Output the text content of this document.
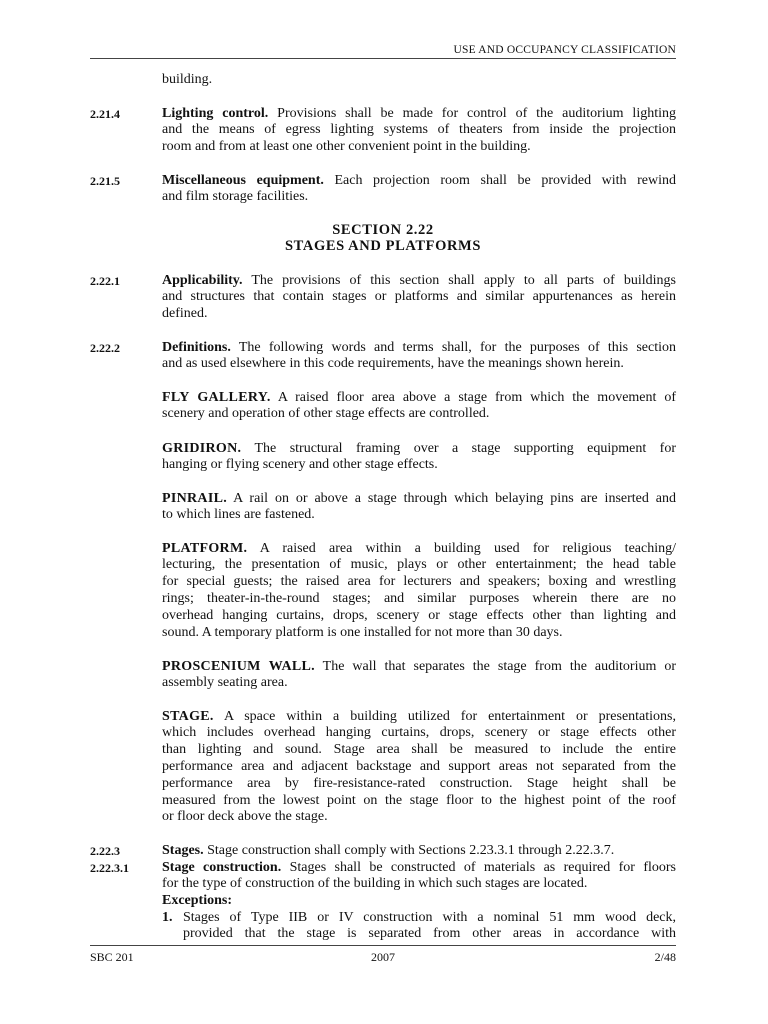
USE AND OCCUPANCY CLASSIFICATION
building.
2.21.4	Lighting control. Provisions shall be made for control of the auditorium lighting
and the means of egress lighting systems of theaters from inside the projection
room and from at least one other convenient point in the building.
2.21.5	Miscellaneous equipment. Each projection room shall be provided with rewind
and film storage facilities.
SECTION 2.22
STAGES AND PLATFORMS
2.22.1	Applicability. The provisions of this section shall apply to all parts of buildings
and structures that contain stages or platforms and similar appurtenances as herein
defined.
2.22.2	Definitions. The following words and terms shall, for the purposes of this section
and as used elsewhere in this code requirements, have the meanings shown herein.
FLY GALLERY. A raised floor area above a stage from which the movement of
scenery and operation of other stage effects are controlled.
GRIDIRON. The structural framing over a stage supporting equipment for
hanging or flying scenery and other stage effects.
PINRAIL. A rail on or above a stage through which belaying pins are inserted and
to which lines are fastened.
PLATFORM. A raised area within a building used for religious teaching/
lecturing, the presentation of music, plays or other entertainment; the head table
for special guests; the raised area for lecturers and speakers; boxing and wrestling
rings; theater-in-the-round stages; and similar purposes wherein there are no
overhead hanging curtains, drops, scenery or stage effects other than lighting and
sound. A temporary platform is one installed for not more than 30 days.
PROSCENIUM WALL. The wall that separates the stage from the auditorium or
assembly seating area.
STAGE. A space within a building utilized for entertainment or presentations,
which includes overhead hanging curtains, drops, scenery or stage effects other
than lighting and sound. Stage area shall be measured to include the entire
performance area and adjacent backstage and support areas not separated from the
performance area by fire-resistance-rated construction. Stage height shall be
measured from the lowest point on the stage floor to the highest point of the roof
or floor deck above the stage.
2.22.3	Stages. Stage construction shall comply with Sections 2.23.3.1 through 2.22.3.7.
2.22.3.1 Stage construction. Stages shall be constructed of materials as required for floors
for the type of construction of the building in which such stages are located.
Exceptions:
1. Stages of Type IIB or IV construction with a nominal 51 mm wood deck,
provided that the stage is separated from other areas in accordance with
SBC 201	2007	2/48
